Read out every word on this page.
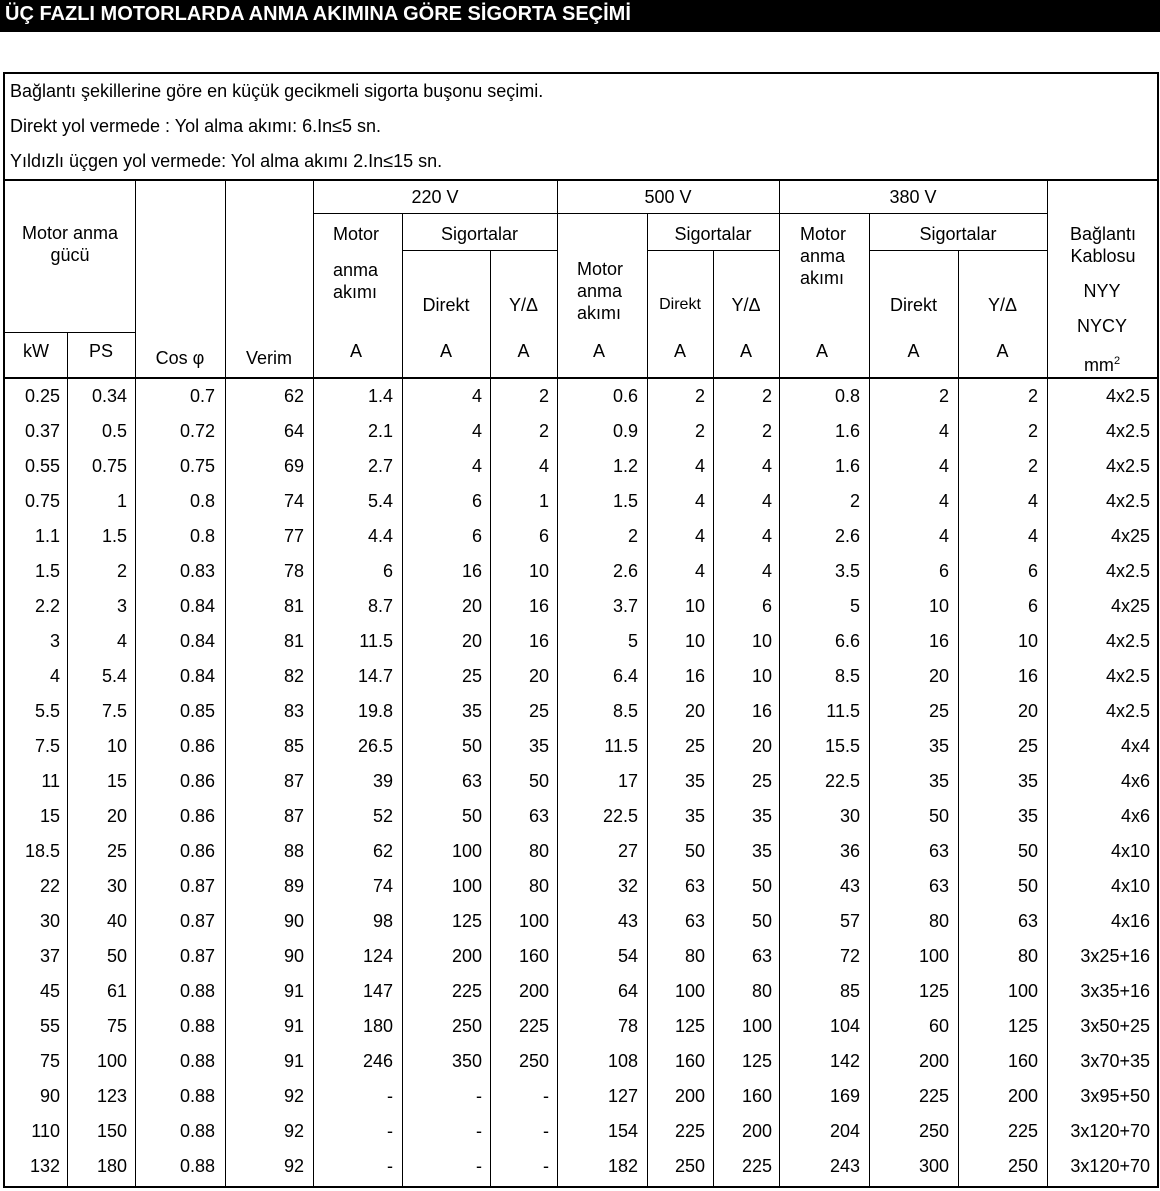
ÜÇ FAZLI MOTORLARDA ANMA AKIMINA GÖRE SİGORTA SEÇİMİ
Bağlantı şekillerine göre en küçük gecikmeli sigorta buşonu seçimi.
Direkt yol vermede : Yol alma akımı: 6.In≤5 sn.
Yıldızlı üçgen yol vermede: Yol alma akımı 2.In≤15 sn.
Motor anma gücü
kW	PS	Cos φ	Verim
220 V	500 V	380 V
Motor
anma akımı
Sigortalar
Direkt	Y/Δ
A	A	A
Motor anma akımı
Sigortalar
Direkt	Y/Δ
A	A	A
Motor anma akımı
Sigortalar
Direkt	Y/Δ
A	A	A
Bağlantı Kablosu
NYY
NYCY
$mm^2$
0.25	0.34	0.7	62	1.4	4	2	0.6	2	2	0.8	2	2	4x2.5
0.37	0.5	0.72	64	2.1	4	2	0.9	2	2	1.6	4	2	4x2.5
0.55	0.75	0.75	69	2.7	4	4	1.2	4	4	1.6	4	2	4x2.5
0.75	1	0.8	74	5.4	6	1	1.5	4	4	2	4	4	4x2.5
1.1	1.5	0.8	77	4.4	6	6	2	4	4	2.6	4	4	4x25
1.5	2	0.83	78	6	16	10	2.6	4	4	3.5	6	6	4x2.5
2.2	3	0.84	81	8.7	20	16	3.7	10	6	5	10	6	4x25
3	4	0.84	81	11.5	20	16	5	10	10	6.6	16	10	4x2.5
4	5.4	0.84	82	14.7	25	20	6.4	16	10	8.5	20	16	4x2.5
5.5	7.5	0.85	83	19.8	35	25	8.5	20	16	11.5	25	20	4x2.5
7.5	10	0.86	85	26.5	50	35	11.5	25	20	15.5	35	25	4x4
11	15	0.86	87	39	63	50	17	35	25	22.5	35	35	4x6
15	20	0.86	87	52	50	63	22.5	35	35	30	50	35	4x6
18.5	25	0.86	88	62	100	80	27	50	35	36	63	50	4x10
22	30	0.87	89	74	100	80	32	63	50	43	63	50	4x10
30	40	0.87	90	98	125	100	43	63	50	57	80	63	4x16
37	50	0.87	90	124	200	160	54	80	63	72	100	80	3x25+16
45	61	0.88	91	147	225	200	64	100	80	85	125	100	3x35+16
55	75	0.88	91	180	250	225	78	125	100	104	60	125	3x50+25
75	100	0.88	91	246	350	250	108	160	125	142	200	160	3x70+35
90	123	0.88	92	-	-	-	127	200	160	169	225	200	3x95+50
110	150	0.88	92	-	-	-	154	225	200	204	250	225	3x120+70
132	180	0.88	92	-	-	-	182	250	225	243	300	250	3x120+70
